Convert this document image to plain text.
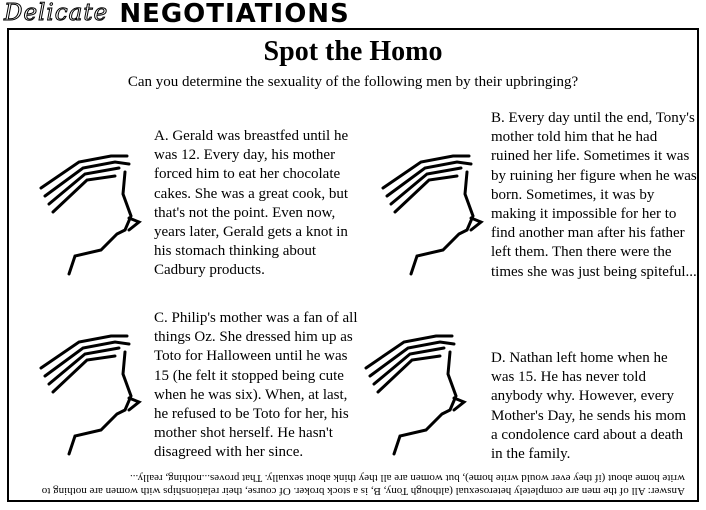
Delicate NEGOTIATIONS
Spot the Homo
Can you determine the sexuality of the following men by their upbringing?
A. Gerald was breastfed until he was 12. Every day, his mother forced him to eat her chocolate cakes. She was a great cook, but that's not the point. Even now, years later, Gerald gets a knot in his stomach thinking about Cadbury products.
B. Every day until the end, Tony's mother told him that he had ruined her life. Sometimes it was by ruining her figure when he was born. Sometimes, it was by making it impossible for her to find another man after his father left them. Then there were the times she was just being spiteful...
C. Philip's mother was a fan of all things Oz. She dressed him up as Toto for Halloween until he was 15 (he felt it stopped being cute when he was six). When, at last, he refused to be Toto for her, his mother shot herself. He hasn't disagreed with her since.
D. Nathan left home when he was 15. He has never told anybody why. However, every Mother's Day, he sends his mom a condolence card about a death in the family.
Answer: All of the men are completely heterosexual (although Tony, B, is a stock broker. Of course, their relationships with women are nothing to write home about (if they ever would write home), but women are all they think about sexually. That proves...nothing, really...
